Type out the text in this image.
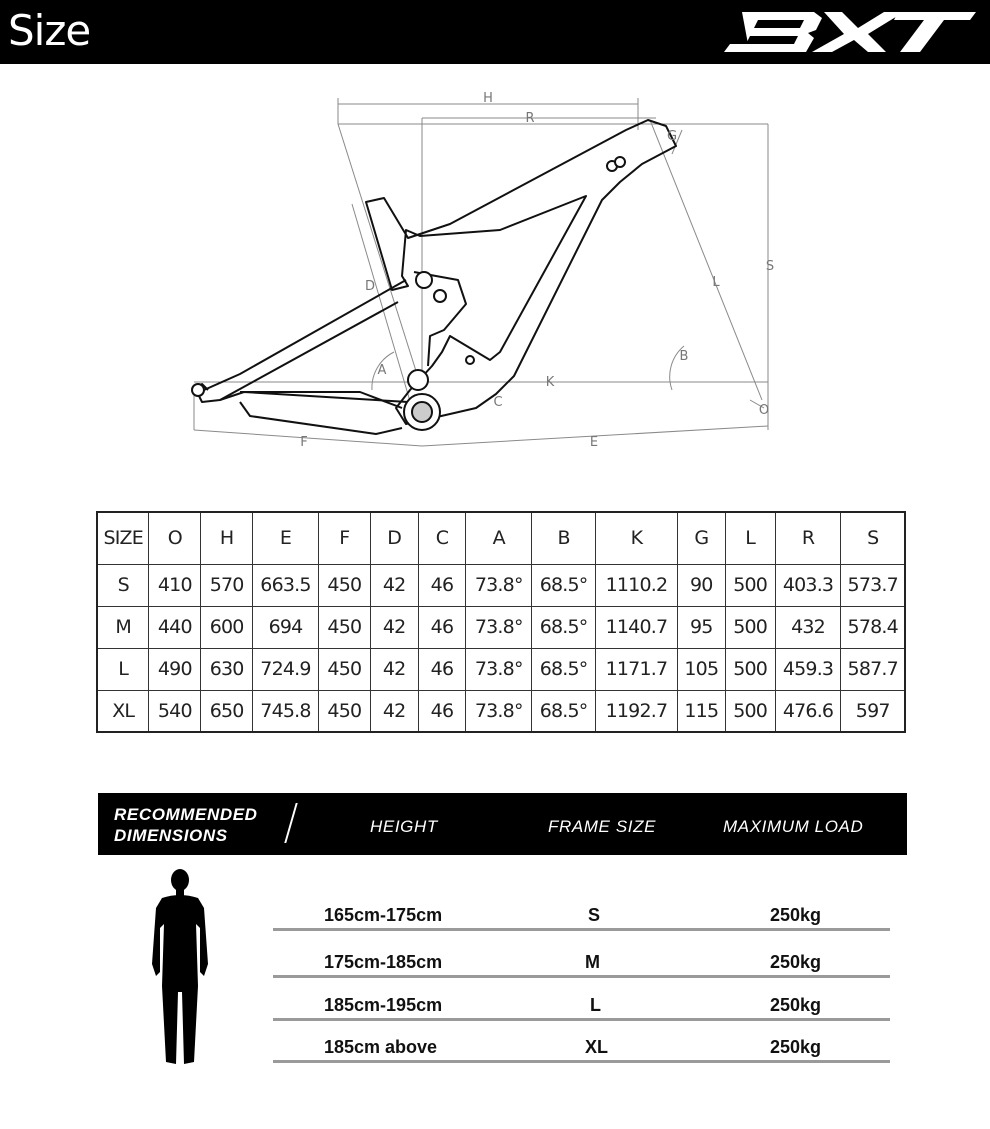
Size
H
R
G
S
L
D
A
B
K
C
F	E
O
SIZE	O	H	E	F	D	C	A	B	K	G	L	R	S
S	410	570	663.5	450	42	46	73.8°	68.5°	1110.2	90	500	403.3	573.7
M	440	600	694	450	42	46	73.8°	68.5°	1140.7	95	500	432	578.4
L	490	630	724.9	450	42	46	73.8°	68.5°	1171.7	105	500	459.3	587.7
XL	540	650	745.8	450	42	46	73.8°	68.5°	1192.7	115	500	476.6	597
RECOMMENDED
DIMENSIONS	HEIGHT	FRAME SIZE	MAXIMUM LOAD
165cm-175cm	S	250kg
175cm-185cm	M	250kg
185cm-195cm	L	250kg
185cm above	XL	250kg
